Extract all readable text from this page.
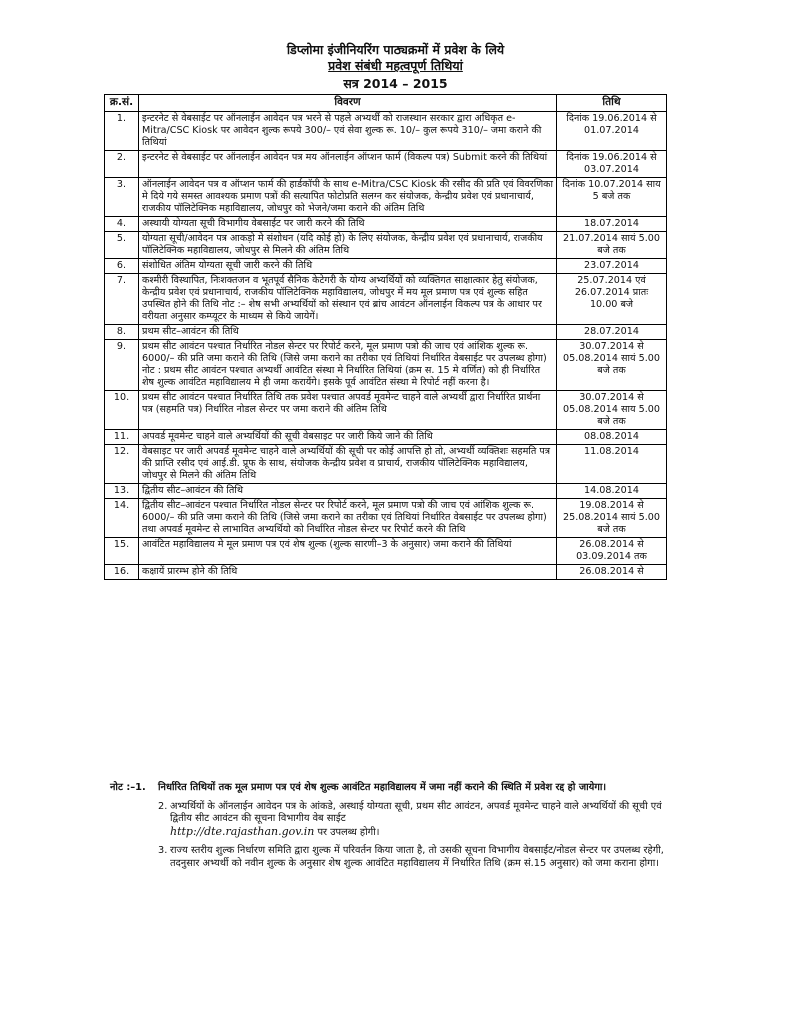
डिप्लोमा इंजीनियरिंग पाठ्यक्रमों में प्रवेश के लिये
प्रवेश संबंधी महत्वपूर्ण तिथियां
सत्र 2014 – 2015
क्र.सं.	विवरण	तिथि
1.	इन्टरनेट से वेबसाईट पर ऑनलाईन आवेदन पत्र भरने से पहले अभ्यर्थी को राजस्थान सरकार द्वारा अधिकृत e-Mitra/CSC Kiosk पर आवेदन शुल्क रूपये 300/– एवं सेवा शुल्क रू. 10/– कुल रूपये 310/– जमा कराने की तिथियां	दिनांक 19.06.2014 से 01.07.2014
2.	इन्टरनेट से वेबसाईट पर ऑनलाईन आवेदन पत्र मय ऑनलाईन ऑप्शन फार्म (विकल्प पत्र) Submit करने की तिथियां	दिनांक 19.06.2014 से 03.07.2014
3.	ऑनलाईन आवेदन पत्र व ऑप्शन फार्म की हार्डकॉपी के साथ e-Mitra/CSC Kiosk की रसीद की प्रति एवं विवरणिका मे दिये गये समस्त आवश्यक प्रमाण पत्रों की सत्यापित फोटोप्रति सलग्न कर संयोजक, केन्द्रीय प्रवेश एवं प्रधानाचार्य, राजकीय पॉलिटेक्निक महाविद्यालय, जोधपुर को भेजने/जमा कराने की अंतिम तिथि	दिनांक 10.07.2014 साय 5 बजे तक
4.	अस्थायी योग्यता सूची विभागीय वेबसाईट पर जारी करने की तिथि	18.07.2014
5.	योग्यता सूची/आवेदन पत्र आकड़ो मे संशोधन (यदि कोई हो) के लिए संयोजक, केन्द्रीय प्रवेश एवं प्रधानाचार्य, राजकीय पॉलिटेक्निक महाविद्यालय, जोधपुर से मिलने की अंतिम तिथि	21.07.2014 सायं 5.00 बजे तक
6.	संशोधित अंतिम योग्यता सूची जारी करने की तिथि	23.07.2014
7.	कश्मीरी विस्थापित, निःशक्तजन व भूतपूर्व सैनिक केटेगरी के योग्य अभ्यर्थियों को व्यक्तिगत साक्षात्कार हेतु संयोजक, केन्द्रीय प्रवेश एवं प्रधानाचार्य, राजकीय पॉलिटेक्निक महाविद्यालय, जोधपुर में मय मूल प्रमाण पत्र एवं शुल्क सहित उपस्थित होने की तिथि नोट :– शेष सभी अभ्यर्थियों को संस्थान एवं ब्रांच आवंटन ऑनलाईन विकल्प पत्र के आधार पर वरीयता अनुसार कम्प्यूटर के माध्यम से किये जायेगें।	25.07.2014 एवं 26.07.2014 प्रातः 10.00 बजे
8.	प्रथम सीट–आवंटन की तिथि	28.07.2014
9.	प्रथम सीट आवंटन पश्चात निर्धारित नोडल सेन्टर पर रिपोर्ट करने, मूल प्रमाण पत्रो की जाच एवं आंशिक शुल्क रू. 6000/– की प्रति जमा कराने की तिथि (जिसे जमा कराने का तरीका एवं तिथियां निर्धारित वेबसाईट पर उपलब्ध होगा) नोट : प्रथम सीट आवंटन पश्चात अभ्यर्थी आवंटित संस्था मे निर्धारित तिथियां (क्रम स. 15 मे वर्णित) को ही निर्धारित शेष शुल्क आवंटित महाविद्यालय मे ही जमा करायेंगे। इसके पूर्व आवंटित संस्था मे रिपोर्ट नहीं करना है।	30.07.2014 से 05.08.2014 सायं 5.00 बजे तक
10.	प्रथम सीट आवंटन पश्चात निर्धारित तिथि तक प्रवेश पश्चात अपवर्ड मूवमेन्ट चाहने वाले अभ्यर्थी द्वारा निर्धारित प्रार्थना पत्र (सहमति पत्र) निर्धारित नोडल सेन्टर पर जमा कराने की अंतिम तिथि	30.07.2014 से 05.08.2014 साय 5.00 बजे तक
11.	अपवर्ड मूवमेन्ट चाहने वाले अभ्यर्थियों की सूची वेबसाइट पर जारी किये जाने की तिथि	08.08.2014
12.	वेबसाइट पर जारी अपवर्ड मूवमेन्ट चाहने वाले अभ्यर्थियों की सूची पर कोई आपत्ति हो तो, अभ्यर्थी व्यक्तिशः सहमति पत्र की प्राप्ति रसीद एवं आई.डी. प्रूफ के साथ, संयोजक केन्द्रीय प्रवेश व प्राचार्य, राजकीय पॉलिटेक्निक महाविद्यालय, जोधपुर से मिलने की अंतिम तिथि	11.08.2014
13.	द्वितीय सीट–आवंटन की तिथि	14.08.2014
14.	द्वितीय सीट–आवंटन पश्चात निर्धारित नोडल सेन्टर पर रिपोर्ट करने, मूल प्रमाण पत्रो की जाच एवं आंशिक शुल्क रू. 6000/– की प्रति जमा कराने की तिथि (जिसे जमा कराने का तरीका एवं तिथियां निर्धारित वेबसाईट पर उपलब्ध होगा) तथा अपवर्ड मूवमेन्ट से लाभावित अभ्यर्थियो को निर्धारित नोडल सेन्टर पर रिपोर्ट करने की तिथि	19.08.2014 से 25.08.2014 सायं 5.00 बजे तक
15.	आवंटित महाविद्यालय मे मूल प्रमाण पत्र एवं शेष शुल्क (शुल्क सारणी–3 के अनुसार) जमा कराने की तिथियां	26.08.2014 से 03.09.2014 तक
16.	कक्षायें प्रारम्भ होने की तिथि	26.08.2014 से
नोट :–1. निर्धारित तिथियों तक मूल प्रमाण पत्र एवं शेष शुल्क आवंटित महाविद्यालय में जमा नहीं कराने की स्थिति में प्रवेश रद्द हो जायेगा।
2. अभ्यर्थियों के ऑनलाईन आवेदन पत्र के आंकडे, अस्थाई योग्यता सूची, प्रथम सीट आवंटन, अपवर्ड मूवमेन्ट चाहने वाले अभ्यर्थियों की सूची एवं द्वितीय सीट आवंटन की सूचना विभागीय वेब साईट
http://dte.rajasthan.gov.in पर उपलब्ध होगी।
3. राज्य स्तरीय शुल्क निर्धारण समिति द्वारा शुल्क में परिवर्तन किया जाता है, तो उसकी सूचना विभागीय वेबसाईट/नोडल सेन्टर पर उपलब्ध रहेगी, तदनुसार अभ्यर्थी को नवीन शुल्क के अनुसार शेष शुल्क आवंटित महाविद्यालय में निर्धारित तिथि (क्रम सं.15 अनुसार) को जमा कराना होगा।
